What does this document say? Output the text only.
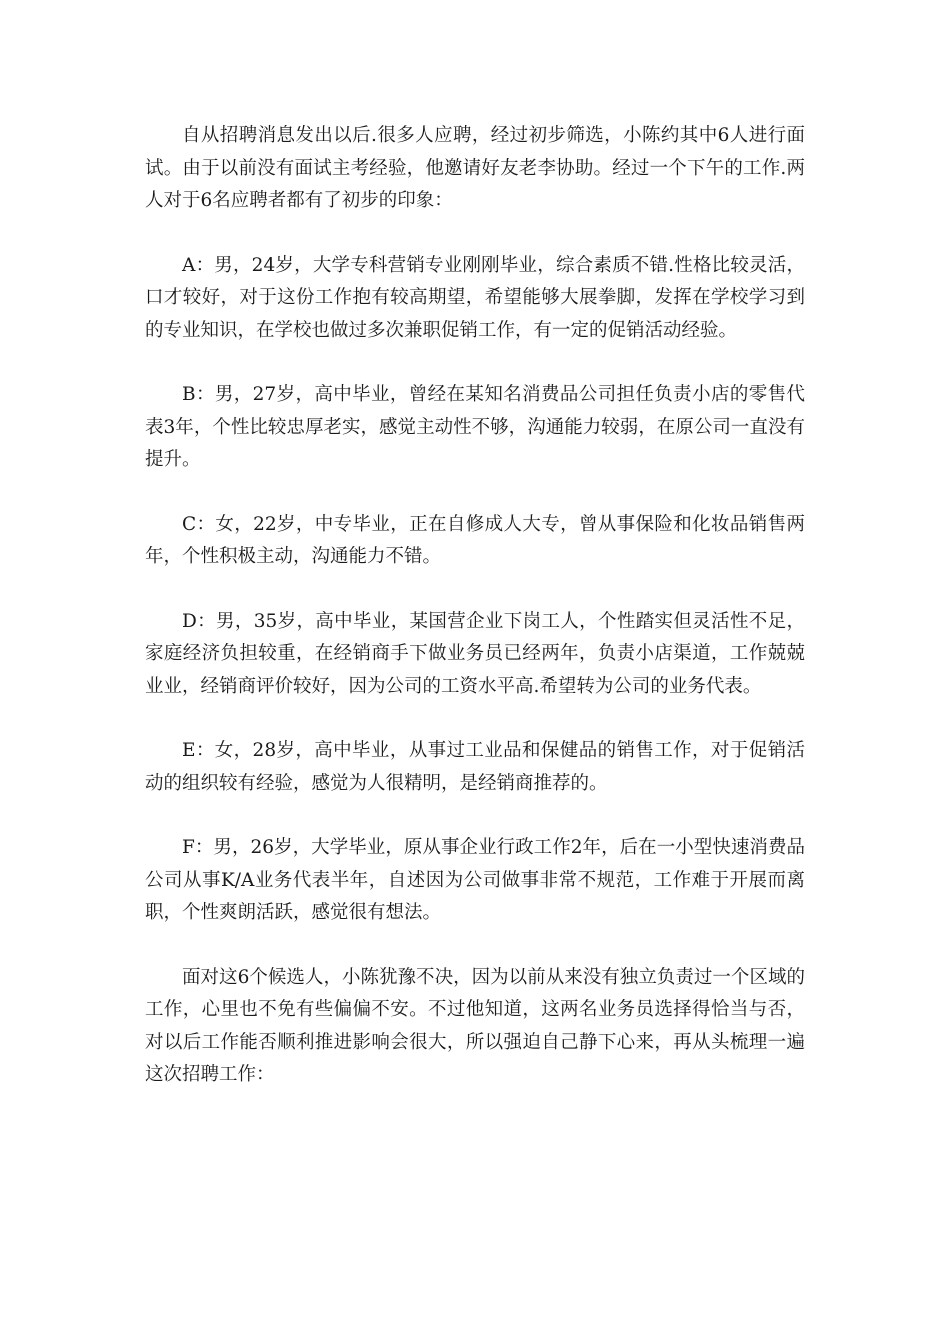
自从招聘消息发出以后.很多人应聘，经过初步筛选，小陈约其中6人进行面试。由于以前没有面试主考经验，他邀请好友老李协助。经过一个下午的工作.两人对于6名应聘者都有了初步的印象：

A：男，24岁，大学专科营销专业刚刚毕业，综合素质不错.性格比较灵活，口才较好，对于这份工作抱有较高期望，希望能够大展拳脚，发挥在学校学习到的专业知识，在学校也做过多次兼职促销工作，有一定的促销活动经验。

B：男，27岁，高中毕业，曾经在某知名消费品公司担任负责小店的零售代表3年，个性比较忠厚老实，感觉主动性不够，沟通能力较弱，在原公司一直没有提升。

C：女，22岁，中专毕业，正在自修成人大专，曾从事保险和化妆品销售两年，个性积极主动，沟通能力不错。

D：男，35岁，高中毕业，某国营企业下岗工人，个性踏实但灵活性不足，家庭经济负担较重，在经销商手下做业务员已经两年，负责小店渠道，工作兢兢业业，经销商评价较好，因为公司的工资水平高.希望转为公司的业务代表。

E：女，28岁，高中毕业，从事过工业品和保健品的销售工作，对于促销活动的组织较有经验，感觉为人很精明，是经销商推荐的。

F：男，26岁，大学毕业，原从事企业行政工作2年，后在一小型快速消费品公司从事K/A业务代表半年，自述因为公司做事非常不规范，工作难于开展而离职，个性爽朗活跃，感觉很有想法。

面对这6个候选人，小陈犹豫不决，因为以前从来没有独立负责过一个区域的工作，心里也不免有些偏偏不安。不过他知道，这两名业务员选择得恰当与否，对以后工作能否顺利推进影响会很大，所以强迫自己静下心来，再从头梳理一遍这次招聘工作：
